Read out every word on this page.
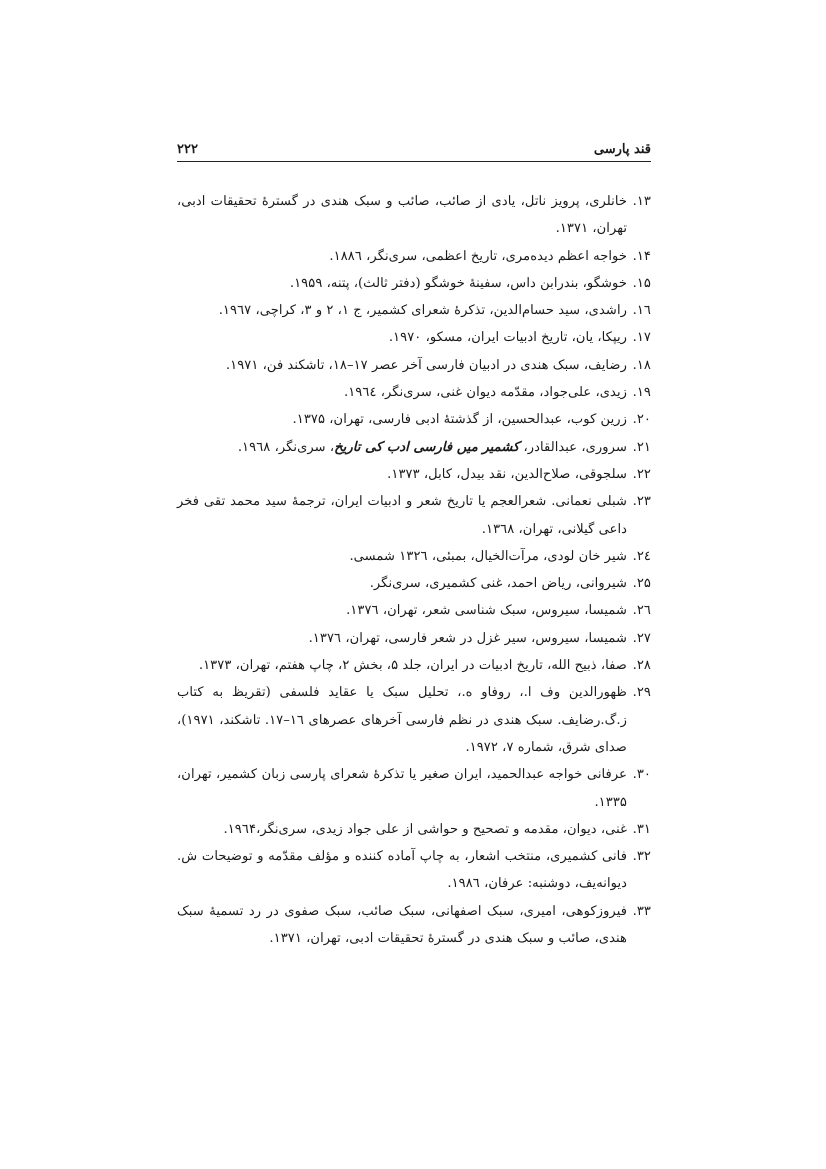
۲۲۲	قند پارسی
۱۳.
خانلری، پرویز ناتل، یادی از صائب، صائب و سبک هندی در گسترهٔ تحقیقات ادبی، تهران، ۱۳۷۱.
۱۴.
خواجه اعظم دیده‌مری، تاریخ اعظمی، سری‌نگر، ۱۸۸٦.
۱۵.
خوشگو، بندرابن داس، سفینهٔ خوشگو (دفتر ثالث)، پتنه، ۱۹۵۹.
۱٦.
راشدی، سید حسام‌الدین، تذکرهٔ شعرای کشمیر، ج ۱، ۲ و ۳، کراچی، ۱۹٦۷.
۱۷.
ریپکا، یان، تاریخ ادبیات ایران، مسکو، ۱۹۷۰.
۱۸.
رضایف، سبک هندی در ادبیان فارسی آخر عصر ۱۷–۱۸، تاشکند فن، ۱۹۷۱.
۱۹.
زیدی، علی‌جواد، مقدّمه دیوان غنی، سری‌نگر، ۱۹٦٤.
۲۰.
زرین کوب، عبدالحسین، از گذشتهٔ ادبی فارسی، تهران، ۱۳۷۵.
۲۱.
سروری، عبدالقادر، کشمیر میں فارسی ادب کی تاریخ، سری‌نگر، ۱۹٦۸.
۲۲.
سلجوقی، صلاح‌الدین، نقد بیدل، کابل، ۱۳۷۳.
۲۳.
شبلی نعمانی. شعرالعجم یا تاریخ شعر و ادبیات ایران، ترجمهٔ سید محمد تقی فخر داعی گیلانی، تهران، ۱۳٦۸.
۲٤.
شیر خان لودی، مرآت‌الخیال، بمبئی، ۱۳۲٦ شمسی.
۲۵.
شیروانی، ریاض احمد، غنی کشمیری، سری‌نگر.
۲٦.
شمیسا، سیروس، سبک شناسی شعر، تهران، ۱۳۷٦.
۲۷.
شمیسا، سیروس، سیر غزل در شعر فارسی، تهران، ۱۳۷٦.
۲۸.
صفا، ذبیح الله، تاریخ ادبیات در ایران، جلد ۵، بخش ۲، چاپ هفتم، تهران، ۱۳۷۳.
۲۹.
ظهورالدین وف ا.، روفاو ه.، تحلیل سبک یا عقاید فلسفی (تقریظ به کتاب ز.گ.رضایف. سبک هندی در نظم فارسی آخرهای عصرهای ۱٦–۱۷. تاشکند، ۱۹۷۱)، صدای شرق، شماره ۷، ۱۹۷۲.
۳۰.
عرفانی خواجه عبدالحمید، ایران صغیر یا تذکرهٔ شعرای پارسی زبان کشمیر، تهران، ۱۳۳۵.
۳۱.
غنی، دیوان، مقدمه و تصحیح و حواشی از علی جواد زیدی، سری‌نگر،۱۹٦۴.
۳۲.
فانی کشمیری، منتخب اشعار، به چاپ آماده کننده و مؤلف مقدّمه و توضیحات ش. دیوانه‌یف، دوشنبه: عرفان، ۱۹۸٦.
۳۳.
فیروزکوهی، امیری، سبک اصفهانی، سبک صائب، سبک صفوی در رد تسمیهٔ سبک هندی، صائب و سبک هندی در گسترهٔ تحقیقات ادبی، تهران، ۱۳۷۱.
